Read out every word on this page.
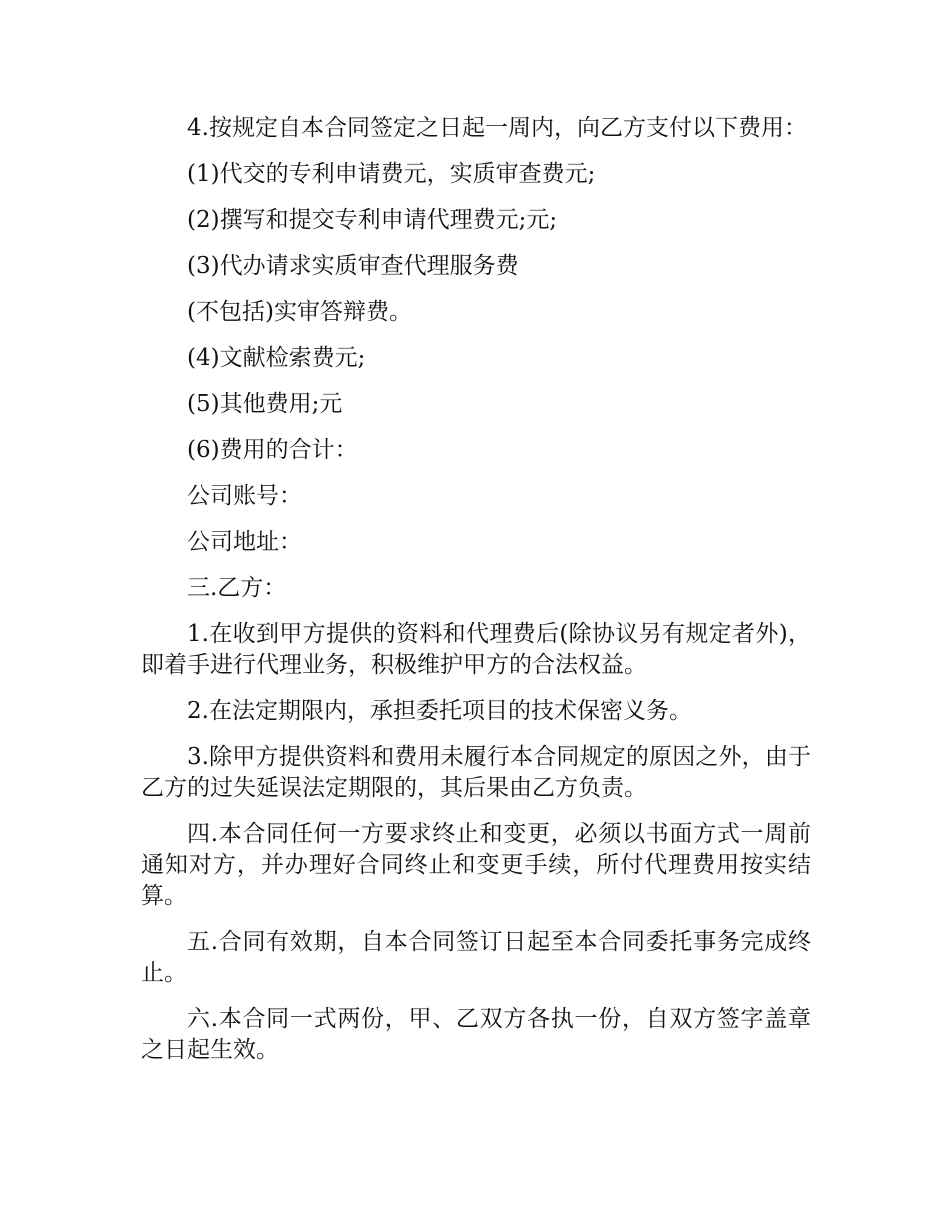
4.按规定自本合同签定之日起一周内，向乙方支付以下费用：

(1)代交的专利申请费元，实质审查费元;

(2)撰写和提交专利申请代理费元;元;

(3)代办请求实质审查代理服务费

(不包括)实审答辩费。

(4)文献检索费元;

(5)其他费用;元

(6)费用的合计：

公司账号：

公司地址：

三.乙方：

1.在收到甲方提供的资料和代理费后(除协议另有规定者外)，即着手进行代理业务，积极维护甲方的合法权益。

2.在法定期限内，承担委托项目的技术保密义务。

3.除甲方提供资料和费用未履行本合同规定的原因之外，由于乙方的过失延误法定期限的，其后果由乙方负责。

四.本合同任何一方要求终止和变更，必须以书面方式一周前通知对方，并办理好合同终止和变更手续，所付代理费用按实结算。

五.合同有效期，自本合同签订日起至本合同委托事务完成终止。

六.本合同一式两份，甲、乙双方各执一份，自双方签字盖章之日起生效。
